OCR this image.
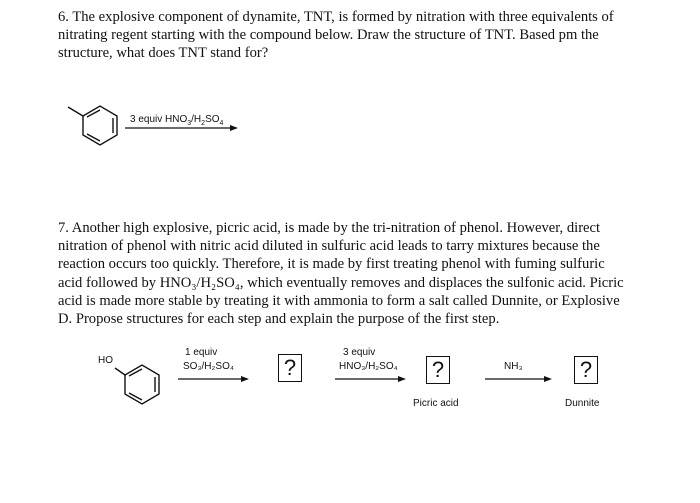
6. The explosive component of dynamite, TNT, is formed by nitration with three equivalents of
nitrating regent starting with the compound below. Draw the structure of TNT. Based pm the
structure, what does TNT stand for?
3 equiv $HNO_3/H_2SO_4$
7. Another high explosive, picric acid, is made by the tri-nitration of phenol. However, direct
nitration of phenol with nitric acid diluted in sulfuric acid leads to tarry mixtures because the
reaction occurs too quickly. Therefore, it is made by first treating phenol with fuming sulfuric
acid followed by HNO₃/H₂SO₄, which eventually removes and displaces the sulfonic acid. Picric
acid is made more stable by treating it with ammonia to form a salt called Dunnite, or Explosive
D. Propose structures for each step and explain the purpose of the first step.
HO
1 equiv
SO₃/H₂SO₄ ?
3 equiv
HNO₃/H₂SO₄ ?
Picric acid
NH₃	?
Dunnite
